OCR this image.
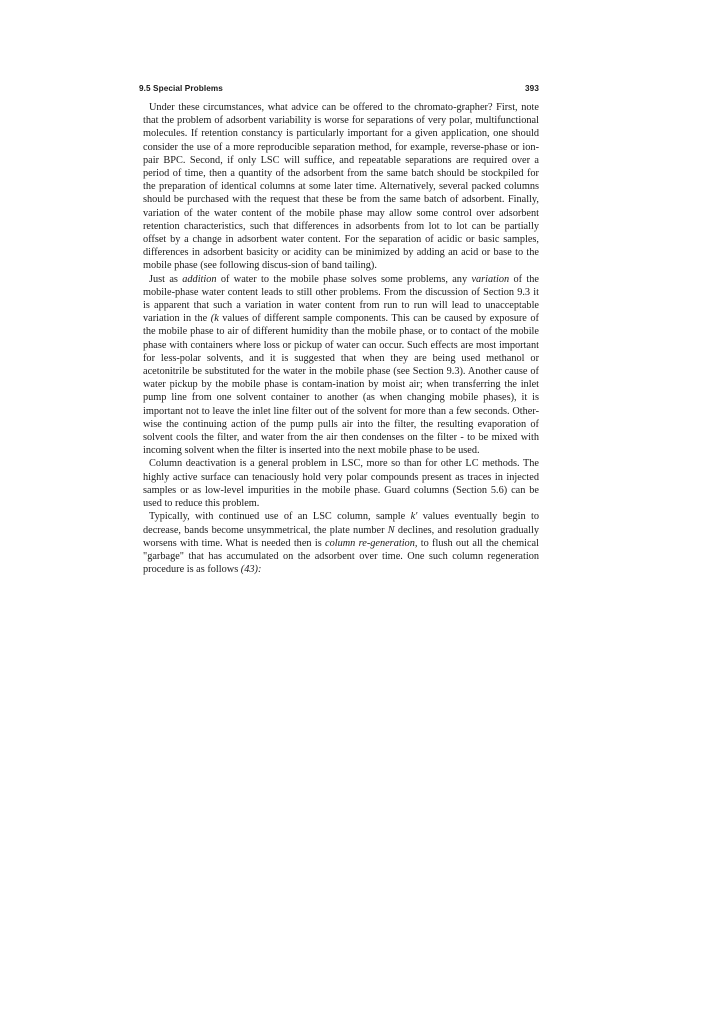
9.5 Special Problems	393

Under these circumstances, what advice can be offered to the chromato-grapher? First, note that the problem of adsorbent variability is worse for separations of very polar, multifunctional molecules. If retention constancy is particularly important for a given application, one should consider the use of a more reproducible separation method, for example, reverse-phase or ion-pair BPC. Second, if only LSC will suffice, and repeatable separations are required over a period of time, then a quantity of the adsorbent from the same batch should be stockpiled for the preparation of identical columns at some later time. Alternatively, several packed columns should be purchased with the request that these be from the same batch of adsorbent. Finally, variation of the water content of the mobile phase may allow some control over adsorbent retention characteristics, such that differences in adsorbents from lot to lot can be partially offset by a change in adsorbent water content. For the separation of acidic or basic samples, differences in adsorbent basicity or acidity can be minimized by adding an acid or base to the mobile phase (see following discus-sion of band tailing).

Just as addition of water to the mobile phase solves some problems, any variation of the mobile-phase water content leads to still other problems. From the discussion of Section 9.3 it is apparent that such a variation in water content from run to run will lead to unacceptable variation in the (k values of different sample components. This can be caused by exposure of the mobile phase to air of different humidity than the mobile phase, or to contact of the mobile phase with containers where loss or pickup of water can occur. Such effects are most important for less-polar solvents, and it is suggested that when they are being used methanol or acetonitrile be substituted for the water in the mobile phase (see Section 9.3). Another cause of water pickup by the mobile phase is contam-ination by moist air; when transferring the inlet pump line from one solvent container to another (as when changing mobile phases), it is important not to leave the inlet line filter out of the solvent for more than a few seconds. Other-wise the continuing action of the pump pulls air into the filter, the resulting evaporation of solvent cools the filter, and water from the air then condenses on the filter - to be mixed with incoming solvent when the filter is inserted into the next mobile phase to be used.

Column deactivation is a general problem in LSC, more so than for other LC methods. The highly active surface can tenaciously hold very polar compounds present as traces in injected samples or as low-level impurities in the mobile phase. Guard columns (Section 5.6) can be used to reduce this problem.

Typically, with continued use of an LSC column, sample k' values eventually begin to decrease, bands become unsymmetrical, the plate number N declines, and resolution gradually worsens with time. What is needed then is column re-generation, to flush out all the chemical "garbage" that has accumulated on the adsorbent over time. One such column regeneration procedure is as follows (43):
